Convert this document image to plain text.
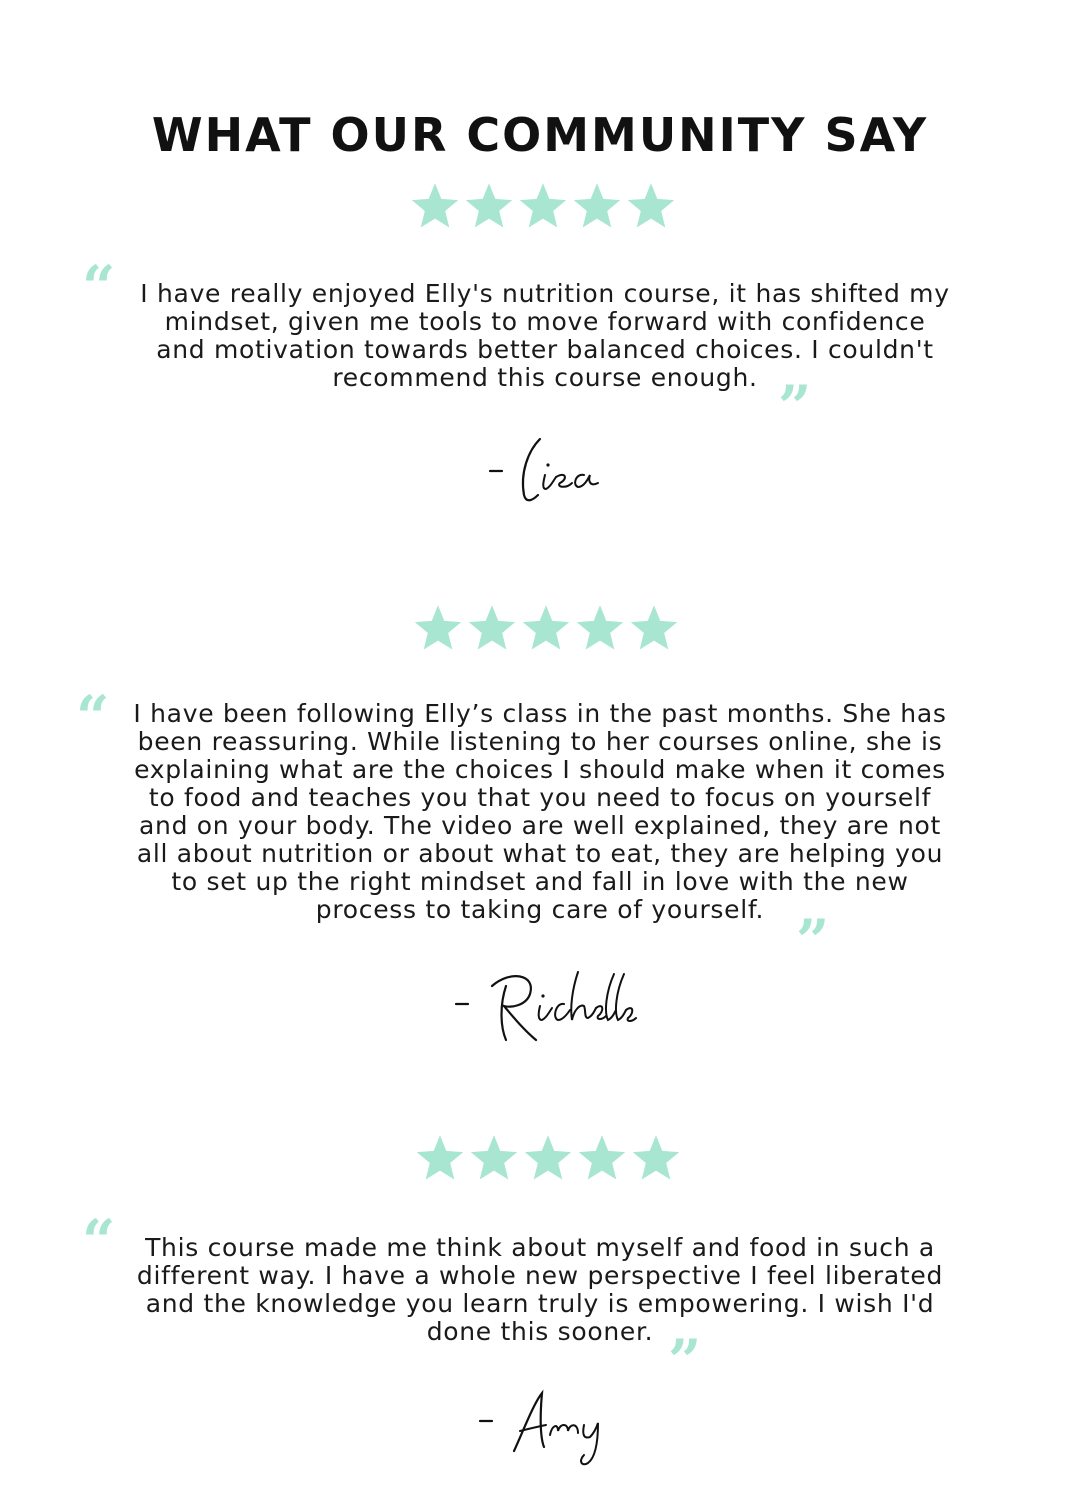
WHAT OUR COMMUNITY SAY
“ I have really enjoyed Elly's nutrition course, it has shifted my
mindset, given me tools to move forward with confidence
and motivation towards better balanced choices. I couldn't
recommend this course enough. ”
“ I have been following Elly’s class in the past months. She has
been reassuring. While listening to her courses online, she is
explaining what are the choices I should make when it comes
to food and teaches you that you need to focus on yourself
and on your body. The video are well explained, they are not
all about nutrition or about what to eat, they are helping you
to set up the right mindset and fall in love with the new
process to taking care of yourself. ”
“	This course made me think about myself and food in such a
different way. I have a whole new perspective I feel liberated
and the knowledge you learn truly is empowering. I wish I'd
done this sooner. ”
